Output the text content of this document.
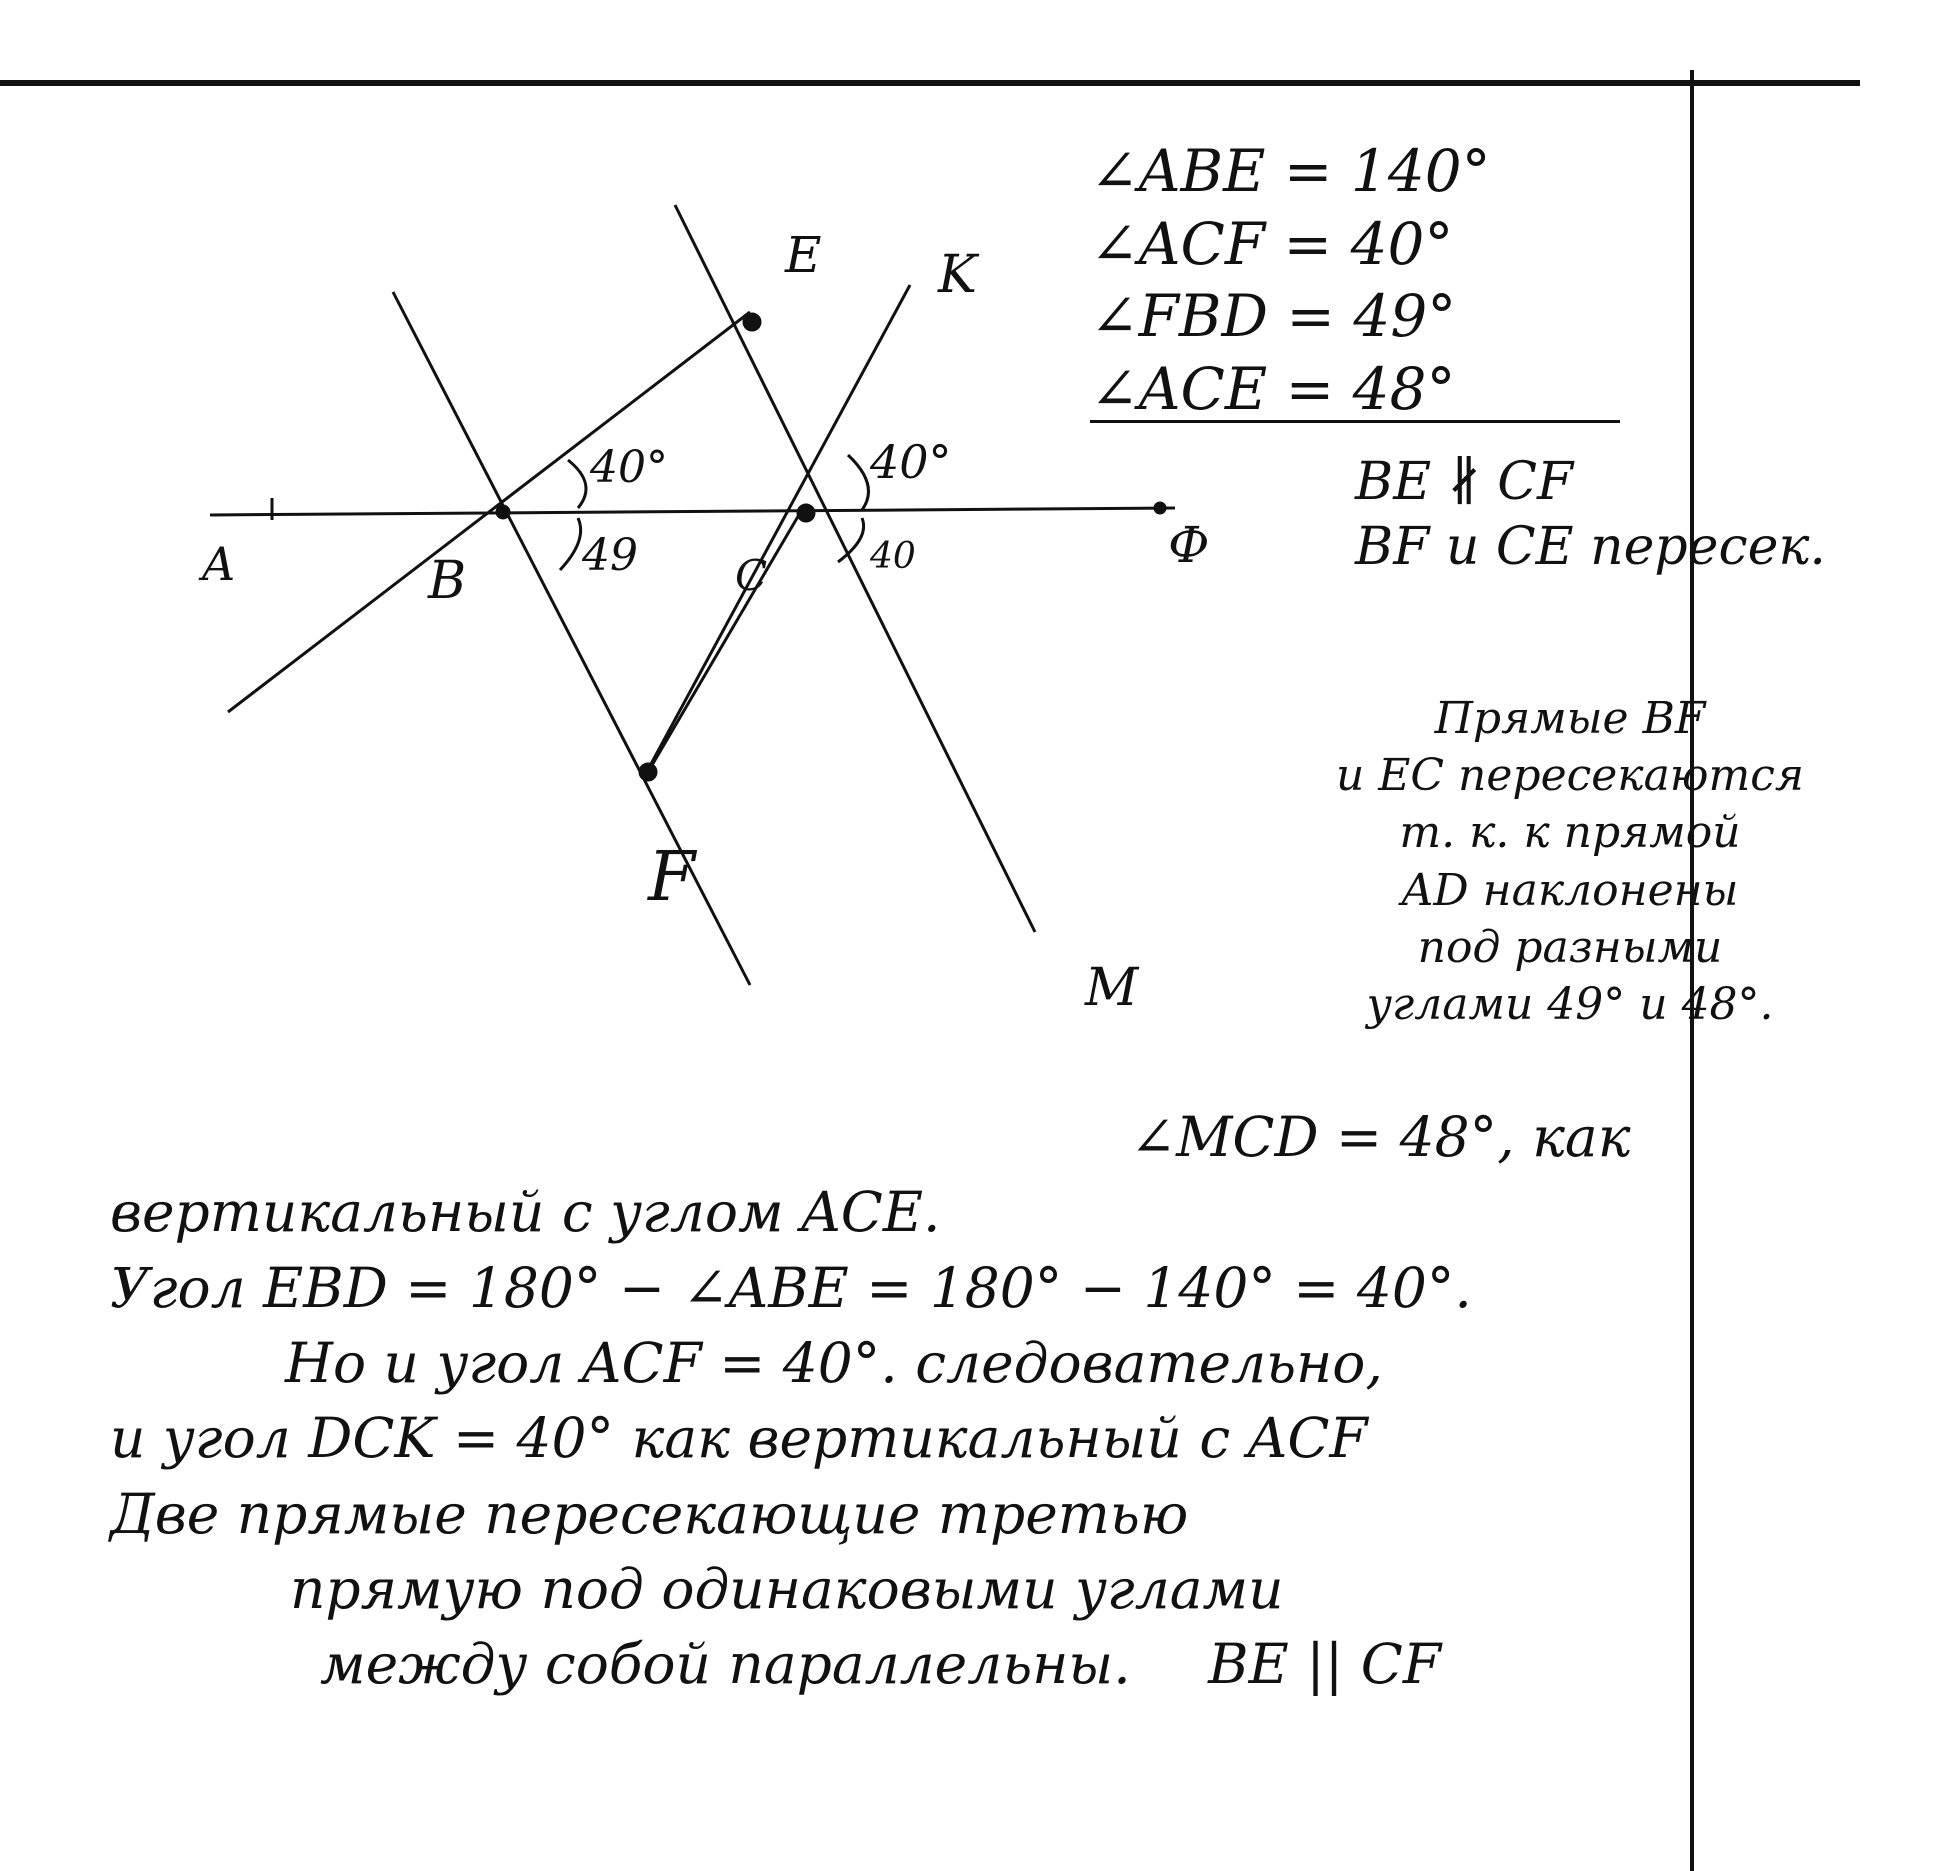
A	B	C
Ф
E
F
K
M
40°
49
40°
40
∠ABE = 140°
∠ACF = 40°
∠FBD = 49°
∠ACE = 48°
BE ∦ CF
BF и CE пересек.
Прямые BF
и EC пересекаются
т. к. к прямой
AD наклонены
под разными
углами 49° и 48°.
∠MCD = 48°, как
вертикальный с углом ACE.
Угол EBD = 180° − ∠ABE = 180° − 140° = 40°.
Но и угол ACF = 40°. следовательно,
и угол DCK = 40° как вертикальный с ACF
Две прямые пересекающие третью
прямую под одинаковыми углами
между собой параллельны. BE || CF
